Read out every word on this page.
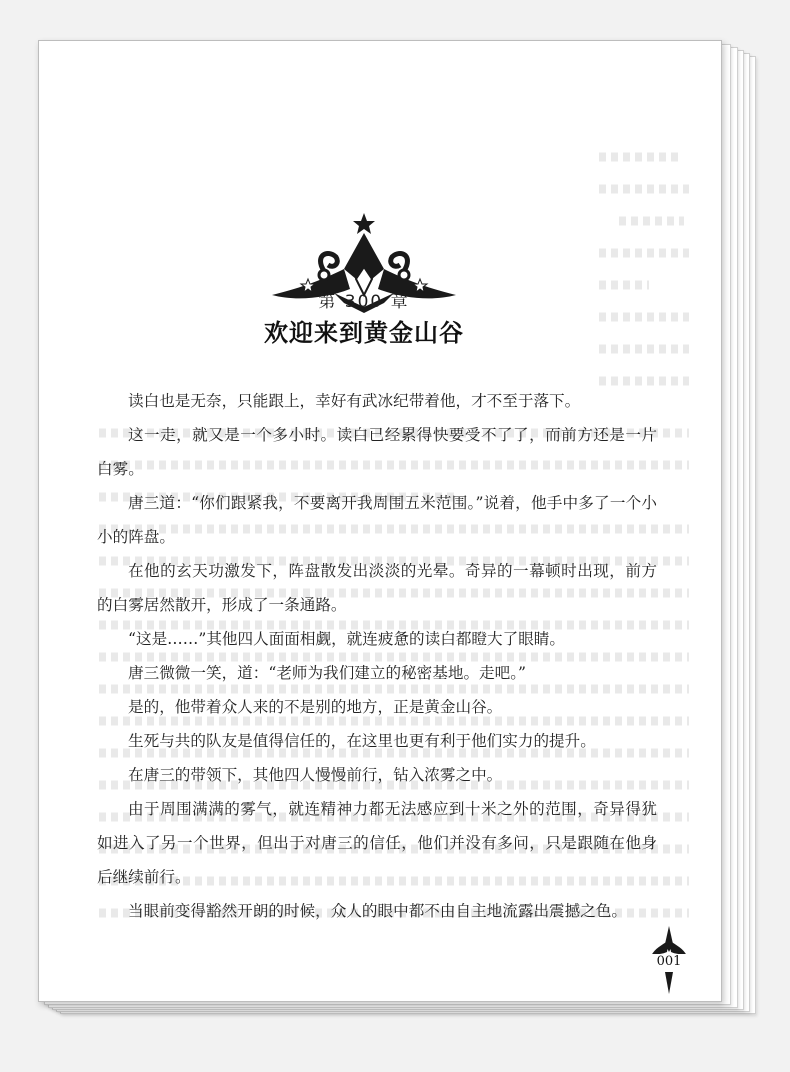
第 300 章
欢迎来到黄金山谷

读白也是无奈，只能跟上，幸好有武冰纪带着他，才不至于落下。

这一走，就又是一个多小时。读白已经累得快要受不了了，而前方还是一片白雾。

唐三道：“你们跟紧我，不要离开我周围五米范围。”说着，他手中多了一个小小的阵盘。

在他的玄天功激发下，阵盘散发出淡淡的光晕。奇异的一幕顿时出现，前方的白雾居然散开，形成了一条通路。

“这是……”其他四人面面相觑，就连疲惫的读白都瞪大了眼睛。

唐三微微一笑，道：“老师为我们建立的秘密基地。走吧。”

是的，他带着众人来的不是别的地方，正是黄金山谷。

生死与共的队友是值得信任的，在这里也更有利于他们实力的提升。

在唐三的带领下，其他四人慢慢前行，钻入浓雾之中。

由于周围满满的雾气，就连精神力都无法感应到十米之外的范围，奇异得犹如进入了另一个世界，但出于对唐三的信任，他们并没有多问，只是跟随在他身后继续前行。

当眼前变得豁然开朗的时候，众人的眼中都不由自主地流露出震撼之色。

001
